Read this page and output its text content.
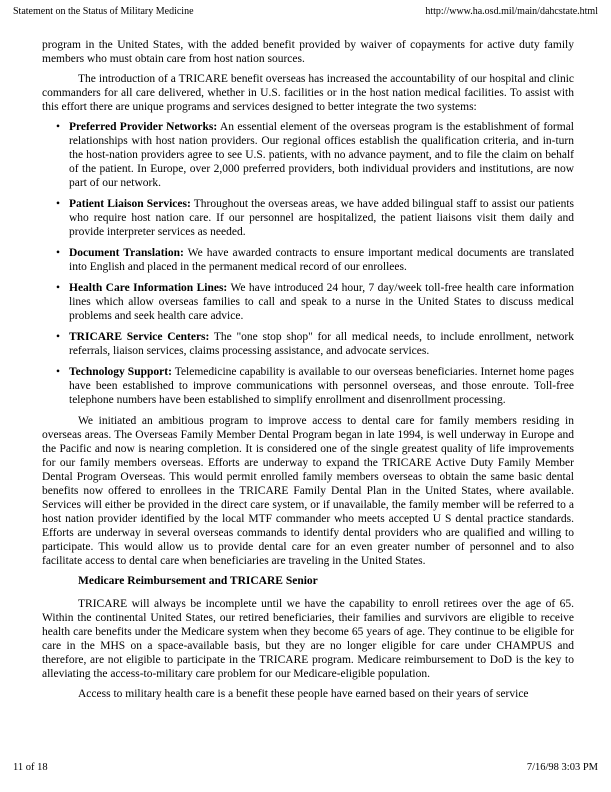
Statement on the Status of Military Medicine	http://www.ha.osd.mil/main/dahcstate.html

program in the United States, with the added benefit provided by waiver of copayments for active duty family members who must obtain care from host nation sources.

The introduction of a TRICARE benefit overseas has increased the accountability of our hospital and clinic commanders for all care delivered, whether in U.S. facilities or in the host nation medical facilities. To assist with this effort there are unique programs and services designed to better integrate the two systems:

• Preferred Provider Networks: An essential element of the overseas program is the establishment of formal relationships with host nation providers. Our regional offices establish the qualification criteria, and in-turn the host-nation providers agree to see U.S. patients, with no advance payment, and to file the claim on behalf of the patient. In Europe, over 2,000 preferred providers, both individual providers and institutions, are now part of our network.
• Patient Liaison Services: Throughout the overseas areas, we have added bilingual staff to assist our patients who require host nation care. If our personnel are hospitalized, the patient liaisons visit them daily and provide interpreter services as needed.
• Document Translation: We have awarded contracts to ensure important medical documents are translated into English and placed in the permanent medical record of our enrollees.
• Health Care Information Lines: We have introduced 24 hour, 7 day/week toll-free health care information lines which allow overseas families to call and speak to a nurse in the United States to discuss medical problems and seek health care advice.
• TRICARE Service Centers: The "one stop shop" for all medical needs, to include enrollment, network referrals, liaison services, claims processing assistance, and advocate services.
• Technology Support: Telemedicine capability is available to our overseas beneficiaries. Internet home pages have been established to improve communications with personnel overseas, and those enroute. Toll-free telephone numbers have been established to simplify enrollment and disenrollment processing.

We initiated an ambitious program to improve access to dental care for family members residing in overseas areas. The Overseas Family Member Dental Program began in late 1994, is well underway in Europe and the Pacific and now is nearing completion. It is considered one of the single greatest quality of life improvements for our family members overseas. Efforts are underway to expand the TRICARE Active Duty Family Member Dental Program Overseas. This would permit enrolled family members overseas to obtain the same basic dental benefits now offered to enrollees in the TRICARE Family Dental Plan in the United States, where available. Services will either be provided in the direct care system, or if unavailable, the family member will be referred to a host nation provider identified by the local MTF commander who meets accepted U S dental practice standards. Efforts are underway in several overseas commands to identify dental providers who are qualified and willing to participate. This would allow us to provide dental care for an even greater number of personnel and to also facilitate access to dental care when beneficiaries are traveling in the United States.

Medicare Reimbursement and TRICARE Senior

TRICARE will always be incomplete until we have the capability to enroll retirees over the age of 65. Within the continental United States, our retired beneficiaries, their families and survivors are eligible to receive health care benefits under the Medicare system when they become 65 years of age. They continue to be eligible for care in the MHS on a space-available basis, but they are no longer eligible for care under CHAMPUS and therefore, are not eligible to participate in the TRICARE program. Medicare reimbursement to DoD is the key to alleviating the access-to-military care problem for our Medicare-eligible population.

Access to military health care is a benefit these people have earned based on their years of service

11 of 18	7/16/98 3:03 PM
